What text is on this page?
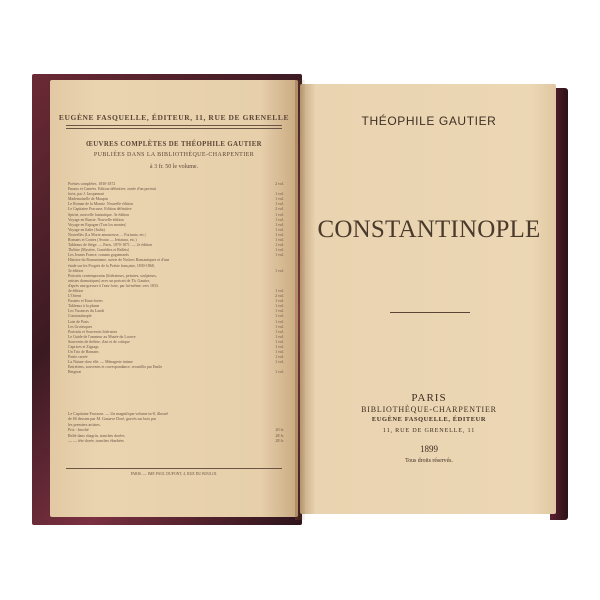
EUGÈNE FASQUELLE, ÉDITEUR, 11, RUE DE GRENELLE
ŒUVRES COMPLÈTES DE THÉOPHILE GAUTIER
PUBLIÉES DANS LA BIBLIOTHÈQUE-CHARPENTIER
à 3 fr. 50 le volume.
Poésies complètes. 1830-1872	2 vol.
Émaux et Camées. Édition définitive, ornée d'un portrait
forte, par J. Jacquemart	1 vol.
Mademoiselle de Maupin	1 vol.
Le Roman de la Momie. Nouvelle édition	1 vol.
Le Capitaine Fracasse. Édition définitive	2 vol.
Spirite, nouvelle fantastique. 3e édition	1 vol.
Voyage en Russie. Nouvelle édition	1 vol.
Voyage en Espagne (Tras los montes)	1 vol.
Voyage en Italie (Italia)	1 vol.
Nouvelles (La Morte amoureuse, ... Fortunio, etc.)	1 vol.
Romans et Contes (Avatar — Jettatura, etc.)	1 vol.
Tableaux de Siège. — Paris, 1870-1871. — 2e édition	1 vol.
Théâtre (Mystère, Comédies et Ballets)	1 vol.
Les Jeunes France, romans goguenards	1 vol.
Histoire du Romantisme, suivie de Notices Romantiques et d'une
étude sur les Progrès de la Poésie française, 1830-1868,
3e édition	1 vol.
Portraits contemporains (littérateurs, peintres, sculpteurs,
artistes dramatiques) avec un portrait de Th. Gautier,
d'après une gravure à l'eau-forte, par lui-même, vers 1833.
4e édition	1 vol.
L'Orient	2 vol.
Fusains et Eaux-fortes	1 vol.
Tableaux à la plume	1 vol.
Les Vacances du Lundi	1 vol.
Constantinople	1 vol.
Loin de Paris	1 vol.
Les Grotesques	1 vol.
Portraits et Souvenirs littéraires	1 vol.
Le Guide de l'amateur au Musée du Louvre	1 vol.
Souvenirs de théâtre, d'art et de critique	1 vol.
Caprices et Zigzags	1 vol.
Un Trio de Romans	1 vol.
Partie carrée	1 vol.
La Nature chez elle. — Ménagerie intime	1 vol.
Entretiens, souvenirs et correspondance, recueillis par Émile
Bergerat	1 vol.
Le Capitaine Fracasse. — Un magnifique volume in-8, illustré
de 60 dessins par M. Gustave Doré, gravés sur bois par
les premiers artistes.
Prix : broché	20 fr.
Relié dans chagrin, tranches dorées	28 fr.
— — tête dorée, tranches ébarbées	28 fr.
PARIS. — IMP. PAUL DUPONT, 4, RUE DU BOULOI.
THÉOPHILE GAUTIER
CONSTANTINOPLE
PARIS
BIBLIOTHÈQUE-CHARPENTIER
EUGÈNE FASQUELLE, ÉDITEUR
11, RUE DE GRENELLE, 11
1899
Tous droits réservés.
